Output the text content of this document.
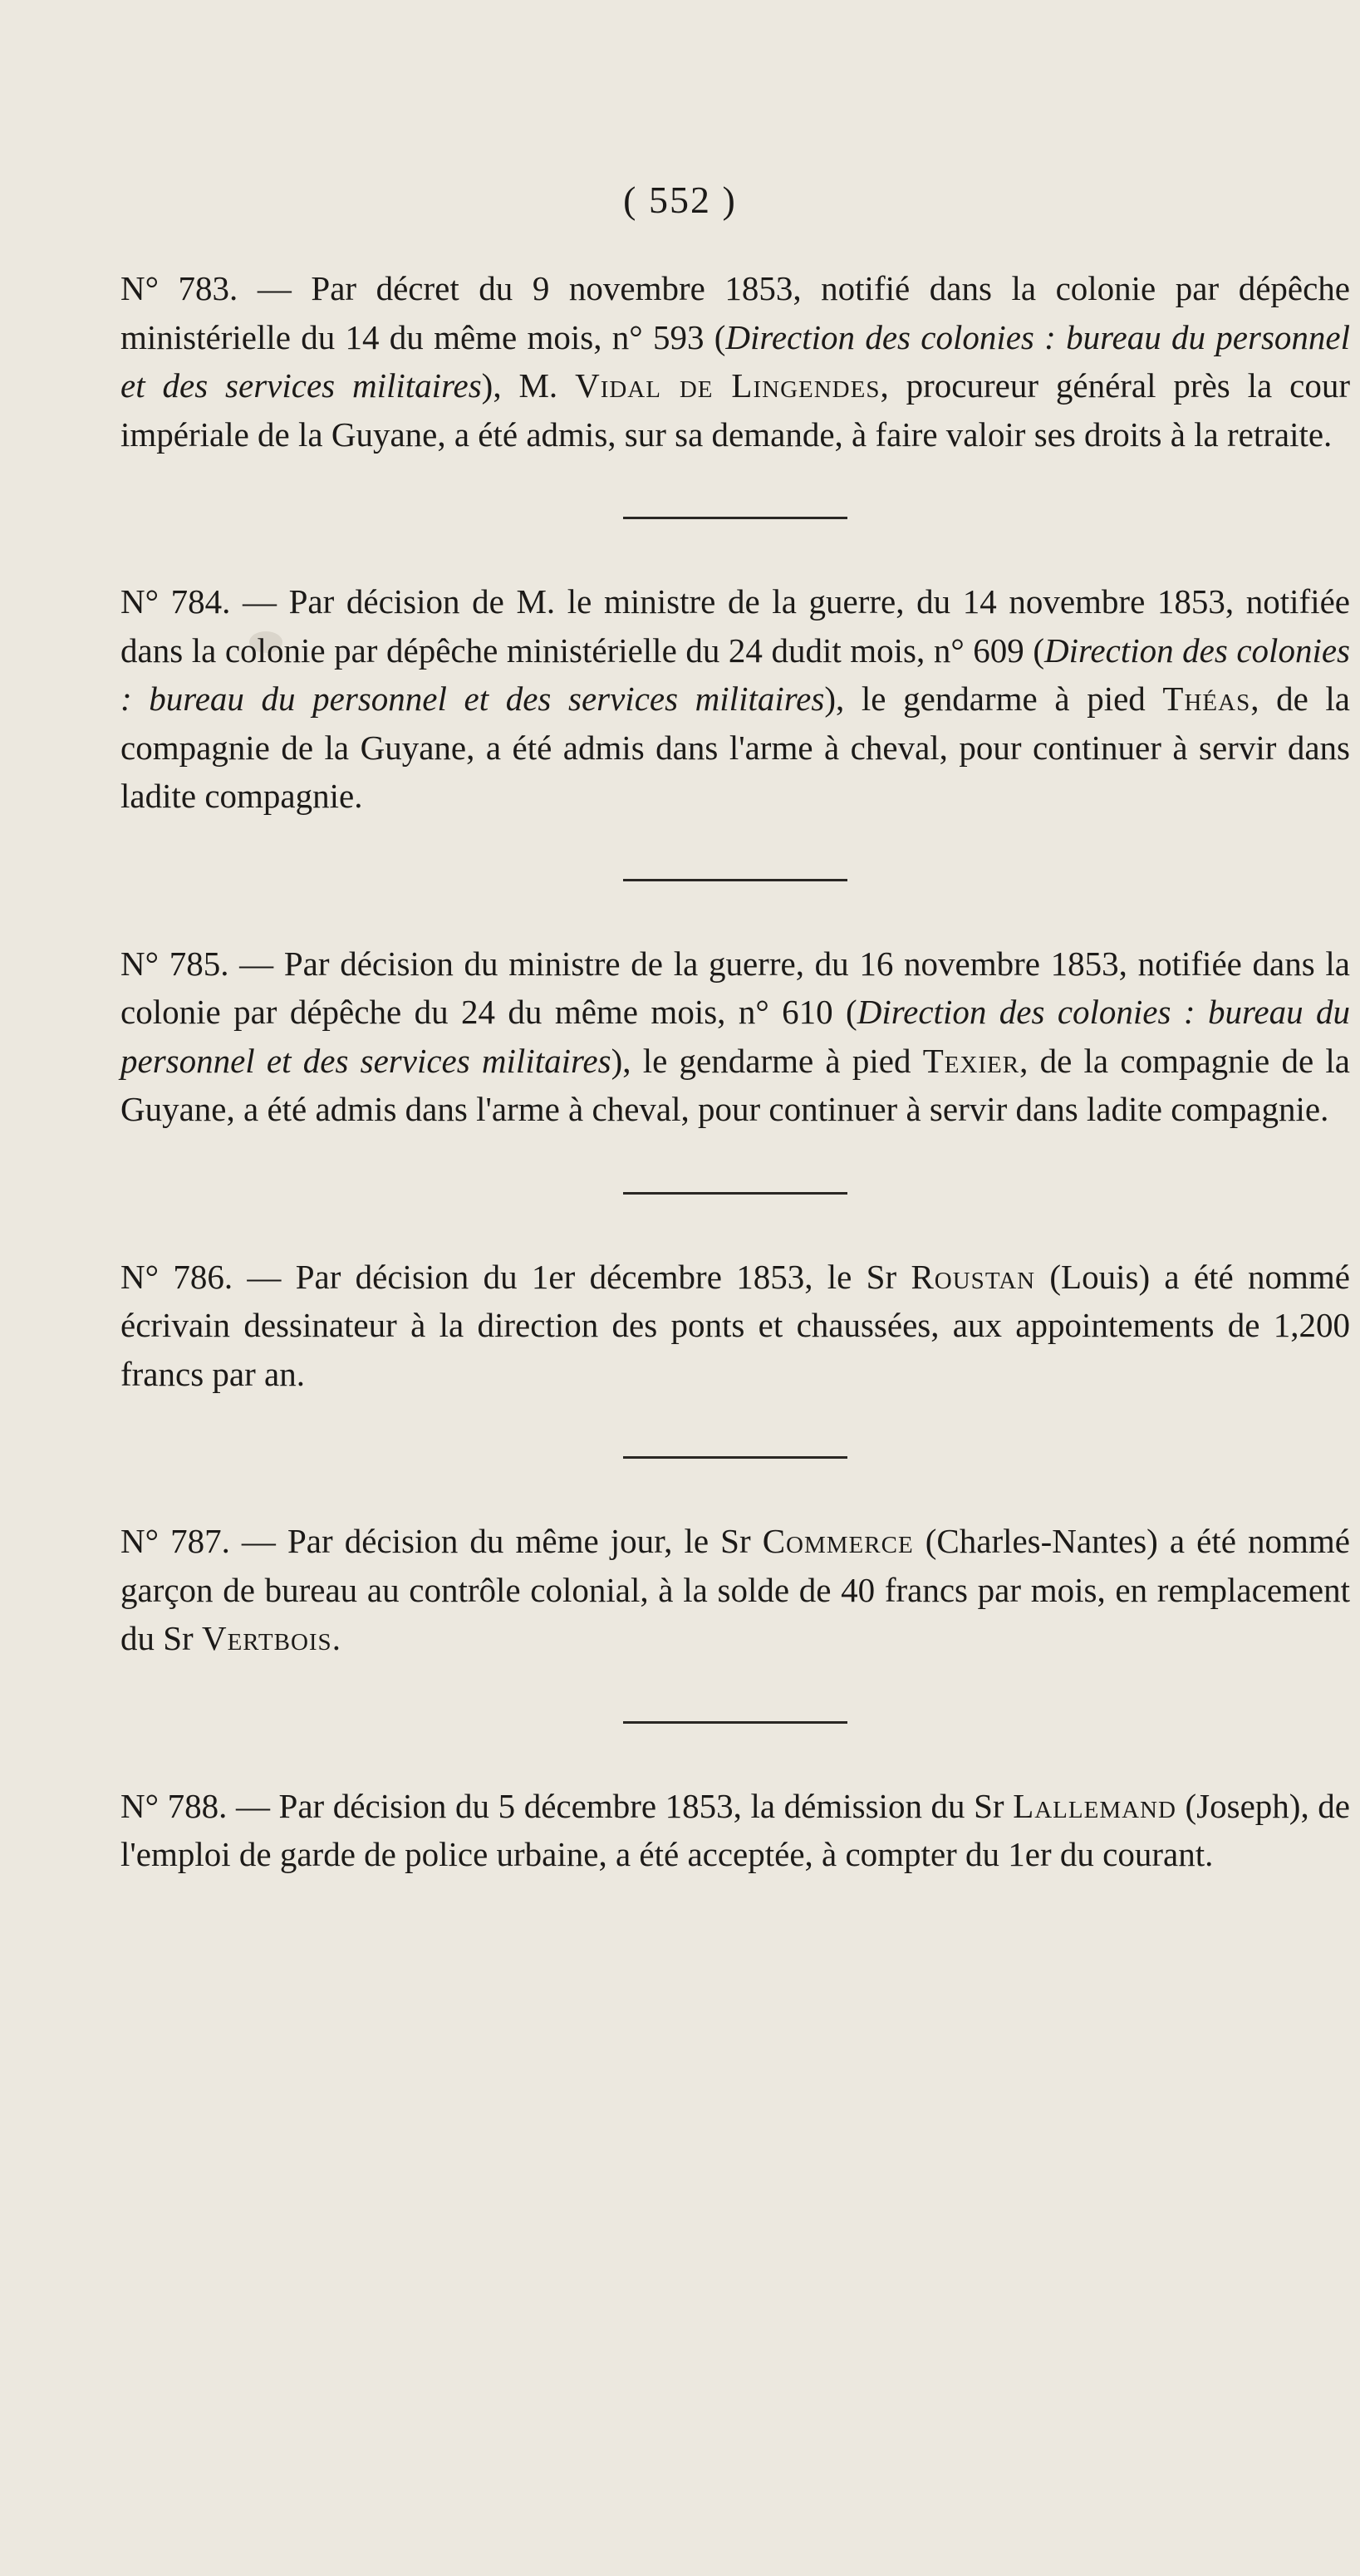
( 552 )

N° 783. — Par décret du 9 novembre 1853, notifié dans la colonie par dépêche ministérielle du 14 du même mois, n° 593 (Direction des colonies : bureau du personnel et des services militaires), M. Vidal de Lingendes, procureur général près la cour impériale de la Guyane, a été admis, sur sa demande, à faire valoir ses droits à la retraite.

N° 784. — Par décision de M. le ministre de la guerre, du 14 novembre 1853, notifiée dans la colonie par dépêche ministérielle du 24 dudit mois, n° 609 (Direction des colonies : bureau du personnel et des services militaires), le gendarme à pied Théas, de la compagnie de la Guyane, a été admis dans l'arme à cheval, pour continuer à servir dans ladite compagnie.

N° 785. — Par décision du ministre de la guerre, du 16 novembre 1853, notifiée dans la colonie par dépêche du 24 du même mois, n° 610 (Direction des colonies : bureau du personnel et des services militaires), le gendarme à pied Texier, de la compagnie de la Guyane, a été admis dans l'arme à cheval, pour continuer à servir dans ladite compagnie.

N° 786. — Par décision du 1er décembre 1853, le Sr Roustan (Louis) a été nommé écrivain dessinateur à la direction des ponts et chaussées, aux appointements de 1,200 francs par an.

N° 787. — Par décision du même jour, le Sr Commerce (Charles-Nantes) a été nommé garçon de bureau au contrôle colonial, à la solde de 40 francs par mois, en remplacement du Sr Vertbois.

N° 788. — Par décision du 5 décembre 1853, la démission du Sr Lallemand (Joseph), de l'emploi de garde de police urbaine, a été acceptée, à compter du 1er du courant.
